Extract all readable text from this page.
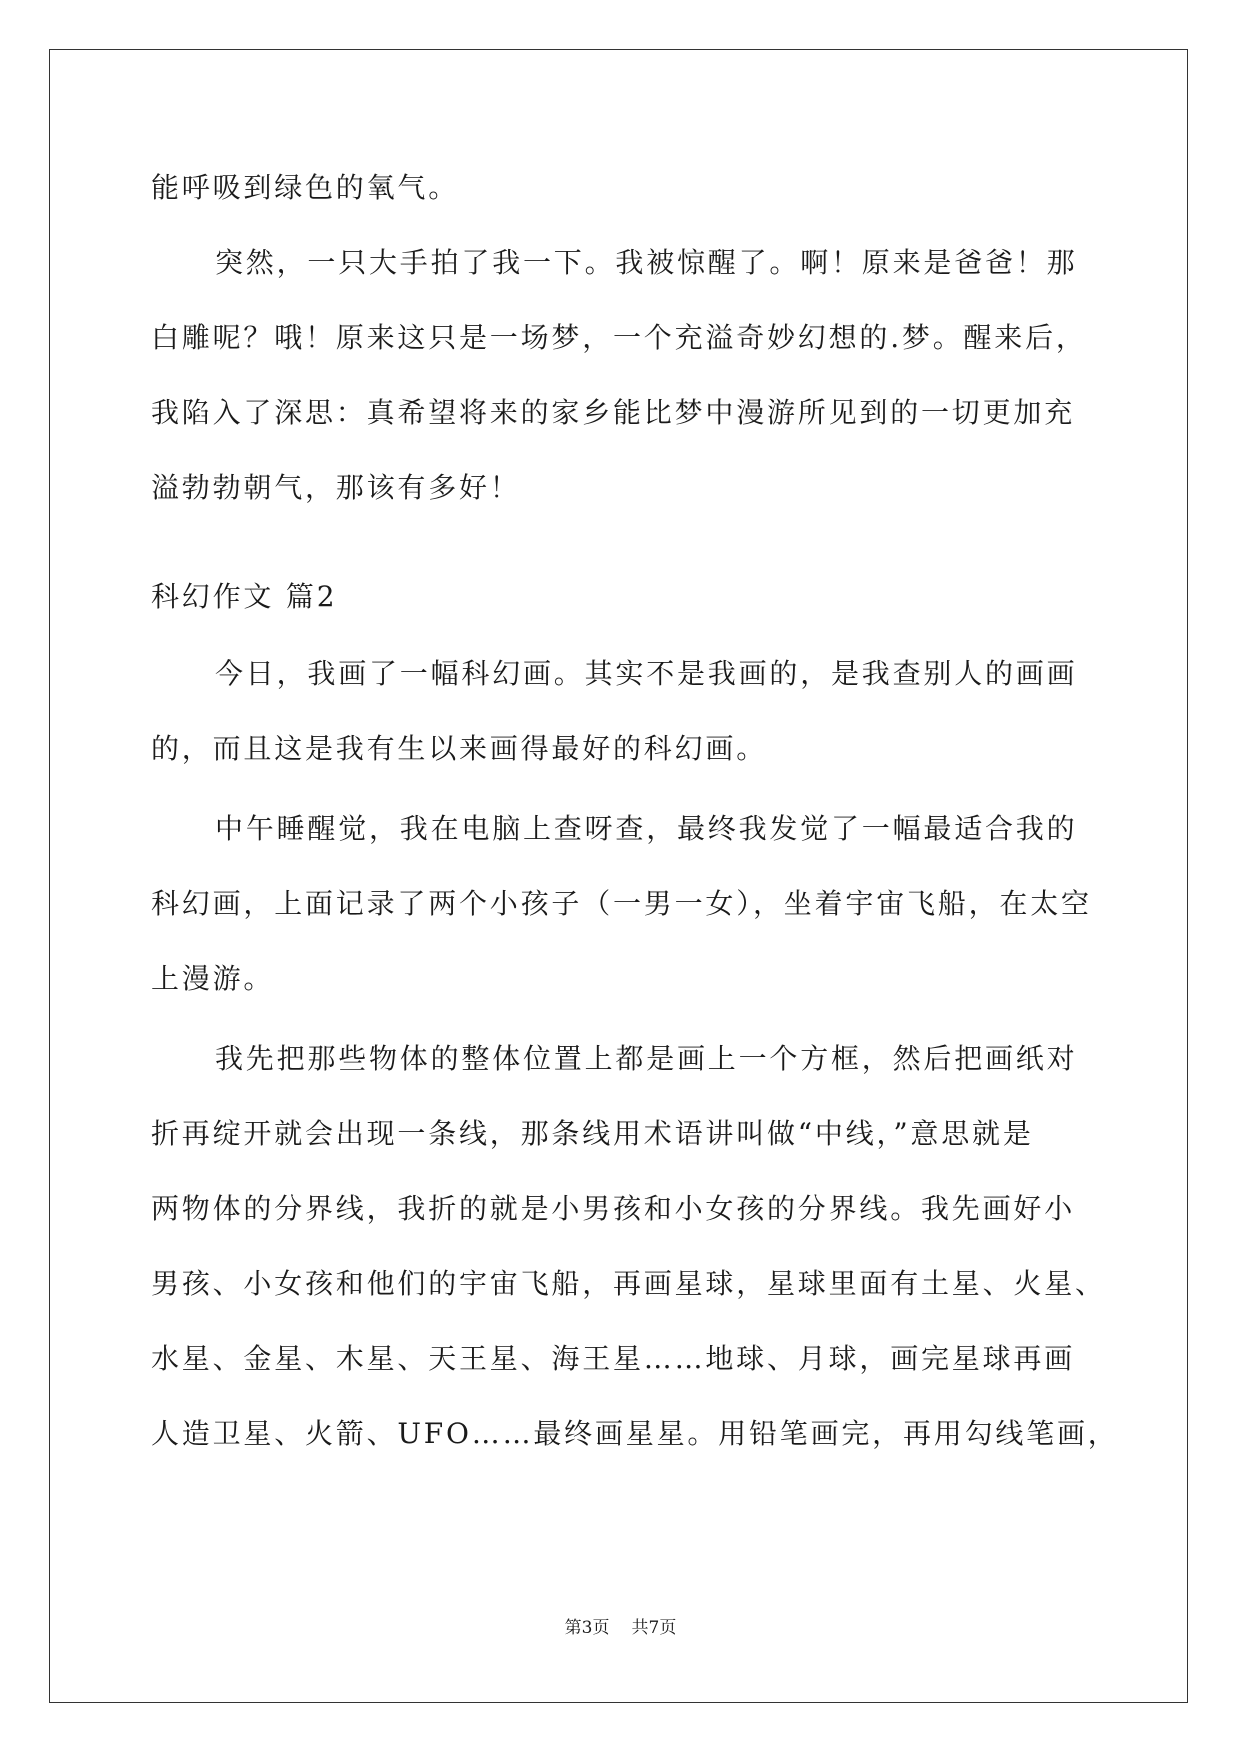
能呼吸到绿色的氧气。
突然，一只大手拍了我一下。我被惊醒了。啊！原来是爸爸！那
白雕呢？哦！原来这只是一场梦，一个充溢奇妙幻想的.梦。醒来后，
我陷入了深思：真希望将来的家乡能比梦中漫游所见到的一切更加充
溢勃勃朝气，那该有多好！
科幻作文 篇2
今日，我画了一幅科幻画。其实不是我画的，是我查别人的画画
的，而且这是我有生以来画得最好的科幻画。
中午睡醒觉，我在电脑上查呀查，最终我发觉了一幅最适合我的
科幻画，上面记录了两个小孩子（一男一女），坐着宇宙飞船，在太空
上漫游。
我先把那些物体的整体位置上都是画上一个方框，然后把画纸对
折再绽开就会出现一条线，那条线用术语讲叫做“中线，”意思就是
两物体的分界线，我折的就是小男孩和小女孩的分界线。我先画好小
男孩、小女孩和他们的宇宙飞船，再画星球，星球里面有土星、火星、
水星、金星、木星、天王星、海王星……地球、月球，画完星球再画
人造卫星、火箭、UFO……最终画星星。用铅笔画完，再用勾线笔画，
第3页 共7页
